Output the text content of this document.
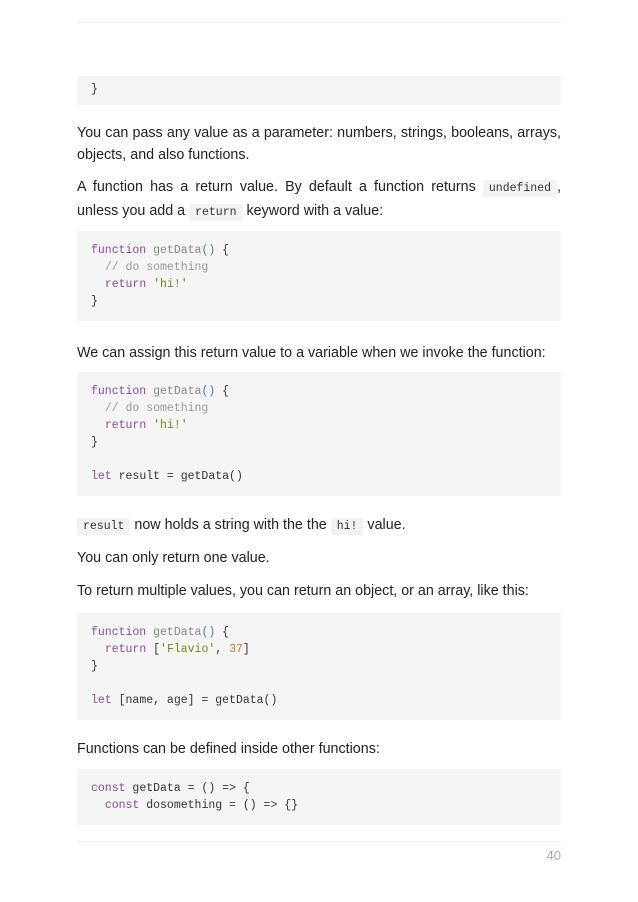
}

You can pass any value as a parameter: numbers, strings, booleans, arrays, objects, and also functions.

A function has a return value. By default a function returns undefined , unless you add a return keyword with a value:

function getData() {
// do something
return 'hi!'
}

We can assign this return value to a variable when we invoke the function:

function getData() {
// do something
return 'hi!'
}
let result = getData()

result now holds a string with the the hi! value.

You can only return one value.

To return multiple values, you can return an object, or an array, like this:

function getData() {
return ['Flavio', 37]
}
let [name, age] = getData()

Functions can be defined inside other functions:

const getData = () => {
const dosomething = () => {}
40
